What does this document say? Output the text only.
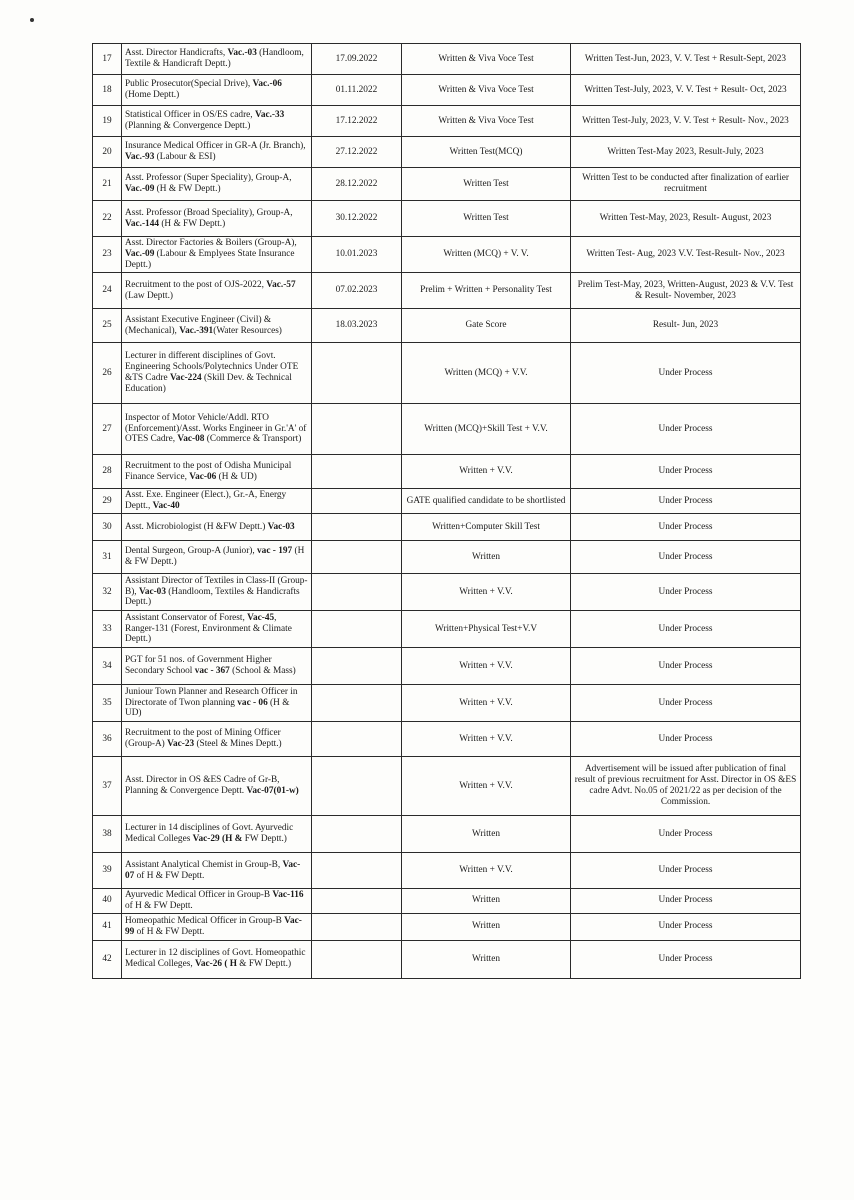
17	Asst. Director Handicrafts, Vac.-03 (Handloom, Textile & Handicraft Deptt.)	17.09.2022	Written & Viva Voce Test	Written Test-Jun, 2023, V. V. Test + Result-Sept, 2023
18	Public Prosecutor(Special Drive), Vac.-06 (Home Deptt.)	01.11.2022	Written & Viva Voce Test	Written Test-July, 2023, V. V. Test + Result- Oct, 2023
19	Statistical Officer in OS/ES cadre, Vac.-33 (Planning & Convergence Deptt.)	17.12.2022	Written & Viva Voce Test	Written Test-July, 2023, V. V. Test + Result- Nov., 2023
20	Insurance Medical Officer in GR-A (Jr. Branch), Vac.-93 (Labour & ESI)	27.12.2022	Written Test(MCQ)	Written Test-May 2023, Result-July, 2023
21	Asst. Professor (Super Speciality), Group-A, Vac.-09 (H & FW Deptt.)	28.12.2022	Written Test	Written Test to be conducted after finalization of earlier recruitment
22	Asst. Professor (Broad Speciality), Group-A, Vac.-144 (H & FW Deptt.)	30.12.2022	Written Test	Written Test-May, 2023, Result- August, 2023
23	Asst. Director Factories & Boilers (Group-A), Vac.-09 (Labour & Emplyees State Insurance Deptt.)	10.01.2023	Written (MCQ) + V. V.	Written Test- Aug, 2023 V.V. Test-Result- Nov., 2023
24	Recruitment to the post of OJS-2022, Vac.-57 (Law Deptt.)	07.02.2023	Prelim + Written + Personality Test	Prelim Test-May, 2023, Written-August, 2023 & V.V. Test & Result- November, 2023
25	Assistant Executive Engineer (Civil) & (Mechanical), Vac.-391(Water Resources)	18.03.2023	Gate Score	Result- Jun, 2023
26	Lecturer in different disciplines of Govt. Engineering Schools/Polytechnics Under OTE &TS Cadre Vac-224 (Skill Dev. & Technical Education)		Written (MCQ) + V.V.	Under Process
27	Inspector of Motor Vehicle/Addl. RTO (Enforcement)/Asst. Works Engineer in Gr.'A' of OTES Cadre, Vac-08 (Commerce & Transport)		Written (MCQ)+Skill Test + V.V.	Under Process
28	Recruitment to the post of Odisha Municipal Finance Service, Vac-06 (H & UD)		Written + V.V.	Under Process
29	Asst. Exe. Engineer (Elect.), Gr.-A, Energy Deptt., Vac-40		GATE qualified candidate to be shortlisted	Under Process
30	Asst. Microbiologist (H &FW Deptt.) Vac-03		Written+Computer Skill Test	Under Process
31	Dental Surgeon, Group-A (Junior), vac - 197 (H & FW Deptt.)		Written	Under Process
32	Assistant Director of Textiles in Class-II (Group-B), Vac-03 (Handloom, Textiles & Handicrafts Deptt.)		Written + V.V.	Under Process
33	Assistant Conservator of Forest, Vac-45, Ranger-131 (Forest, Environment & Climate Deptt.)		Written+Physical Test+V.V	Under Process
34	PGT for 51 nos. of Government Higher Secondary School vac - 367 (School & Mass)		Written + V.V.	Under Process
35	Juniour Town Planner and Research Officer in Directorate of Twon planning vac - 06 (H & UD)		Written + V.V.	Under Process
36	Recruitment to the post of Mining Officer (Group-A) Vac-23 (Steel & Mines Deptt.)		Written + V.V.	Under Process
37	Asst. Director in OS &ES Cadre of Gr-B, Planning & Convergence Deptt. Vac-07(01-w)		Written + V.V.	Advertisement will be issued after publication of final result of previous recruitment for Asst. Director in OS &ES cadre Advt. No.05 of 2021/22 as per decision of the Commission.
38	Lecturer in 14 disciplines of Govt. Ayurvedic Medical Colleges Vac-29 (H & FW Deptt.)		Written	Under Process
39	Assistant Analytical Chemist in Group-B, Vac-07 of H & FW Deptt.		Written + V.V.	Under Process
40	Ayurvedic Medical Officer in Group-B Vac-116 of H & FW Deptt.		Written	Under Process
41	Homeopathic Medical Officer in Group-B Vac-99 of H & FW Deptt.		Written	Under Process
42	Lecturer in 12 disciplines of Govt. Homeopathic Medical Colleges, Vac-26 ( H & FW Deptt.)		Written	Under Process
